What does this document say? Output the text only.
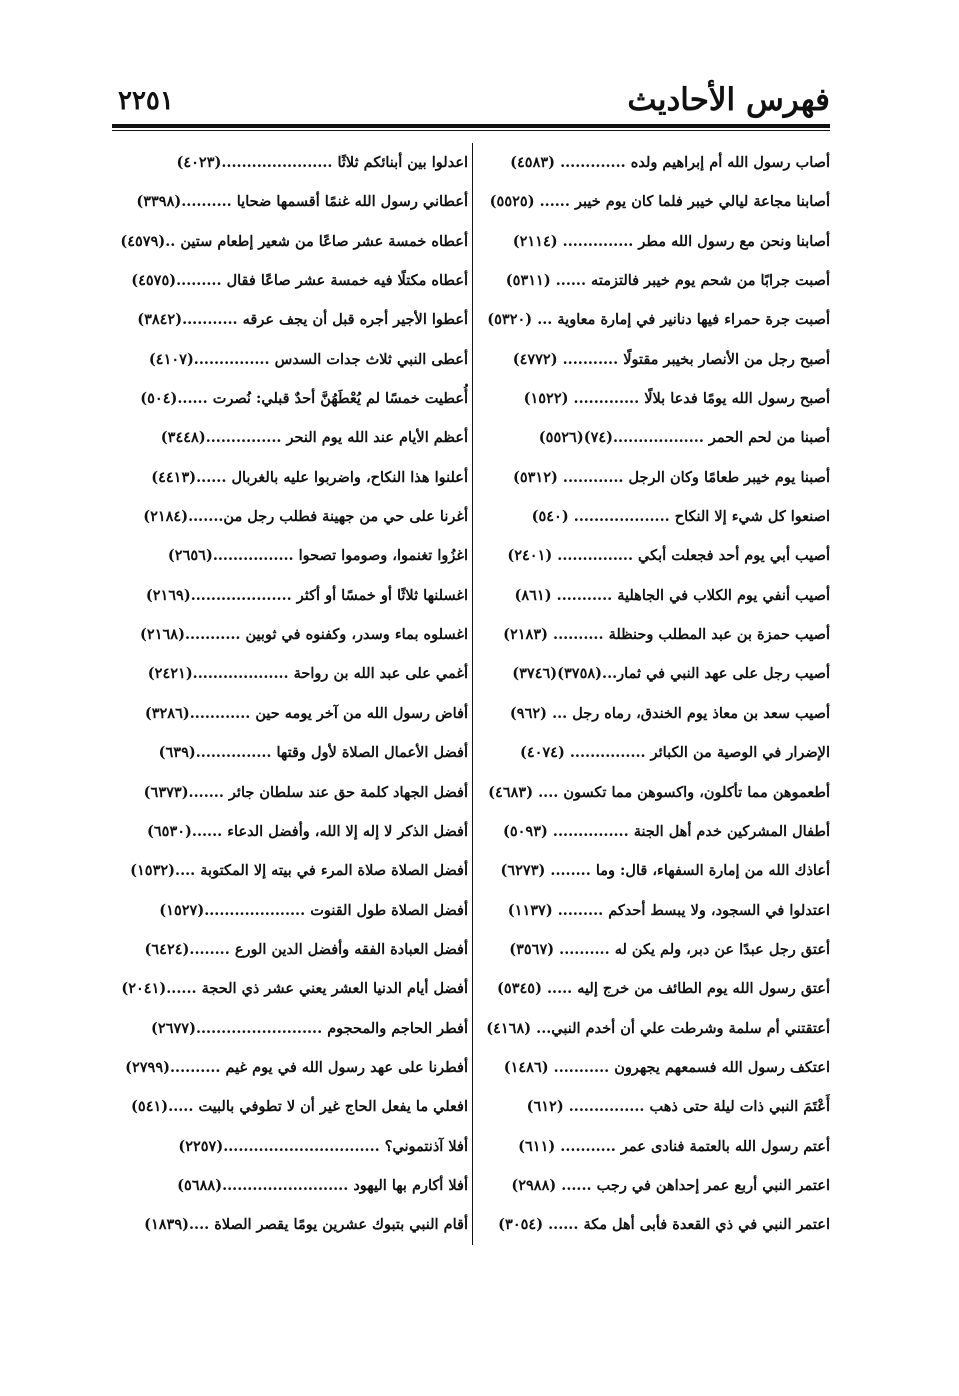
فهرس الأحاديث
٢٢٥١
أصاب رسول الله أم إبراهيم ولده ............. (٤٥٨٣)
أصابنا مجاعة ليالي خيبر فلما كان يوم خيبر ...... (٥٥٢٥)
أصابنا ونحن مع رسول الله مطر .............. (٢١١٤)
أصبت جرابًا من شحم يوم خيبر فالتزمته ...... (٥٣١١)
أصبت جرة حمراء فيها دنانير في إمارة معاوية ... (٥٣٢٠)
أصبح رجل من الأنصار بخيبر مقتولًا ........... (٤٧٧٢)
أصبح رسول الله يومًا فدعا بلالًا ............. (١٥٢٢)
أصبنا من لحم الحمر ..................(٧٤)(٥٥٢٦)
أصبنا يوم خيبر طعامًا وكان الرجل ............ (٥٣١٢)
اصنعوا كل شيء إلا النكاح ................... (٥٤٠)
أصيب أبي يوم أحد فجعلت أبكي ............... (٢٤٠١)
أصيب أنفي يوم الكلاب في الجاهلية ........... (٨٦١)
أصيب حمزة بن عبد المطلب وحنظلة .......... (٢١٨٣)
أصيب رجل على عهد النبي في ثمار...(٣٧٥٨)(٣٧٤٦)
أصيب سعد بن معاذ يوم الخندق، رماه رجل ... (٩٦٢)
الإضرار في الوصية من الكبائر ............... (٤٠٧٤)
أطعموهن مما تأكلون، واكسوهن مما تكسون .... (٤٦٨٣)
أطفال المشركين خدم أهل الجنة ............... (٥٠٩٣)
أعاذك الله من إمارة السفهاء، قال: وما ........ (٦٢٧٣)
اعتدلوا في السجود، ولا يبسط أحدكم ......... (١١٣٧)
أعتق رجل عبدًا عن دبر، ولم يكن له .......... (٣٥٦٧)
أعتق رسول الله يوم الطائف من خرج إليه ..... (٥٣٤٥)
أعتقتني أم سلمة وشرطت علي أن أخدم النبي... (٤١٦٨)
اعتكف رسول الله فسمعهم يجهرون ........... (١٤٨٦)
أَعْتَمَ النبي ذات ليلة حتى ذهب ............... (٦١٢)
أعتم رسول الله بالعتمة فنادى عمر ........... (٦١١)
اعتمر النبي أربع عمر إحداهن في رجب ...... (٢٩٨٨)
اعتمر النبي في ذي القعدة فأبى أهل مكة ...... (٣٠٥٤)
اعدلوا بين أبنائكم ثلاثًا ......................(٤٠٢٣)
أعطاني رسول الله غنمًا أقسمها ضحايا ..........(٣٣٩٨)
أعطاه خمسة عشر صاعًا من شعير إطعام ستين ..(٤٥٧٩)
أعطاه مكتلًا فيه خمسة عشر صاعًا فقال .........(٤٥٧٥)
أعطوا الأجير أجره قبل أن يجف عرقه ...........(٣٨٤٢)
أعطى النبي ثلاث جدات السدس ...............(٤١٠٧)
أُعطيت خمسًا لم يُعْطَهُنَّ أحدٌ قبلي: نُصرت ......(٥٠٤)
أعظم الأيام عند الله يوم النحر ...............(٣٤٤٨)
أعلنوا هذا النكاح، واضربوا عليه بالغربال ......(٤٤١٣)
أغرنا على حي من جهينة فطلب رجل من.......(٢١٨٤)
اغزُوا تغنموا، وصوموا تصحوا ................(٢٦٥٦)
اغسلنها ثلاثًا أو خمسًا أو أكثر ....................(٢١٦٩)
اغسلوه بماء وسدر، وكفنوه في ثوبين ...........(٢١٦٨)
أغمي على عبد الله بن رواحة ...................(٢٤٢١)
أفاض رسول الله من آخر يومه حين ............(٣٢٨٦)
أفضل الأعمال الصلاة لأول وقتها ...............(٦٣٩)
أفضل الجهاد كلمة حق عند سلطان جائر .......(٦٣٧٣)
أفضل الذكر لا إله إلا الله، وأفضل الدعاء ......(٦٥٣٠)
أفضل الصلاة صلاة المرء في بيته إلا المكتوبة ....(١٥٣٢)
أفضل الصلاة طول القنوت ....................(١٥٢٧)
أفضل العبادة الفقه وأفضل الدين الورع ........(٦٤٢٤)
أفضل أيام الدنيا العشر يعني عشر ذي الحجة ......(٢٠٤١)
أفطر الحاجم والمحجوم .........................(٢٦٧٧)
أفطرنا على عهد رسول الله في يوم غيم ..........(٢٧٩٩)
افعلي ما يفعل الحاج غير أن لا تطوفي بالبيت .....(٥٤١)
أفلا آذنتموني؟ ...............................(٢٢٥٧)
أفلا أكارم بها اليهود .........................(٥٦٨٨)
أقام النبي بتبوك عشرين يومًا يقصر الصلاة ....(١٨٣٩)
